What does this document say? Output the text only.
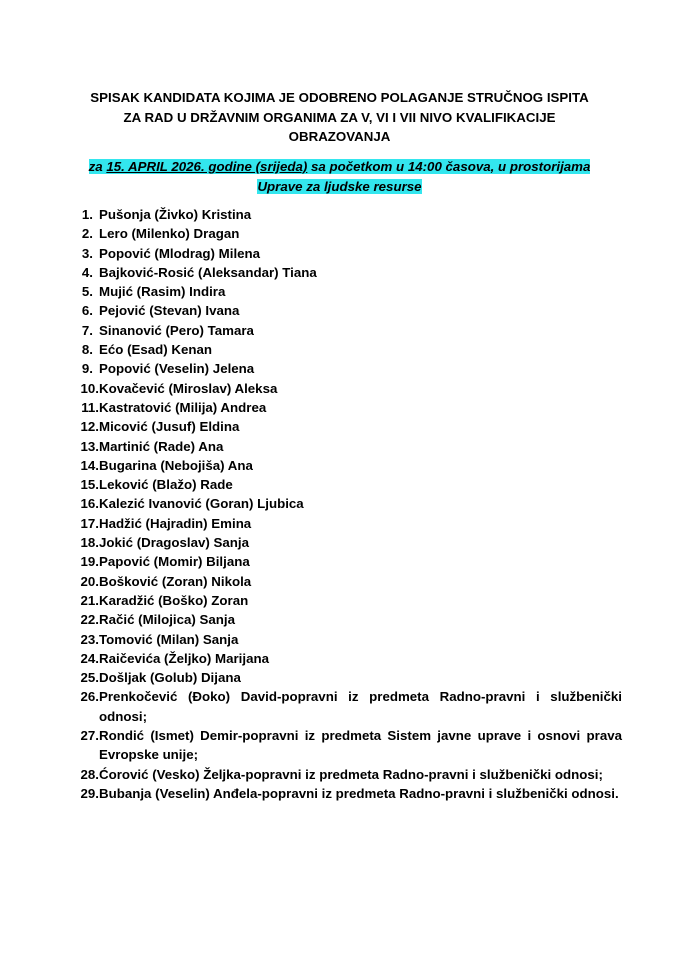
SPISAK KANDIDATA KOJIMA JE ODOBRENO POLAGANJE STRUČNOG ISPITA
ZA RAD U DRŽAVNIM ORGANIMA ZA V, VI I VII NIVO KVALIFIKACIJE
OBRAZOVANJA
za 15. APRIL 2026. godine (srijeda) sa početkom u 14:00 časova, u prostorijama
Uprave za ljudske resurse
1. Pušonja (Živko) Kristina
2. Lero (Milenko) Dragan
3. Popović (Mlodrag) Milena
4. Bajković-Rosić (Aleksandar) Tiana
5. Mujić (Rasim) Indira
6. Pejović (Stevan) Ivana
7. Sinanović (Pero) Tamara
8. Ećo (Esad) Kenan
9. Popović (Veselin) Jelena
10. Kovačević (Miroslav) Aleksa
11. Kastratović (Milija) Andrea
12. Micović (Jusuf) Eldina
13. Martinić (Rade) Ana
14. Bugarina (Nebojiša) Ana
15. Leković (Blažo) Rade
16. Kalezić Ivanović (Goran) Ljubica
17. Hadžić (Hajradin) Emina
18. Jokić (Dragoslav) Sanja
19. Papović (Momir) Biljana
20. Bošković (Zoran) Nikola
21. Karadžić (Boško) Zoran
22. Račić (Milojica) Sanja
23. Tomović (Milan) Sanja
24. Raičevića (Željko) Marijana
25. Došljak (Golub) Dijana
26. Prenkočević (Đoko) David-popravni iz predmeta Radno-pravni i službenički odnosi;
27. Rondić (Ismet) Demir-popravni iz predmeta Sistem javne uprave i osnovi prava Evropske unije;
28. Ćorović (Vesko) Željka-popravni iz predmeta Radno-pravni i službenički odnosi;
29. Bubanja (Veselin) Anđela-popravni iz predmeta Radno-pravni i službenički odnosi.
